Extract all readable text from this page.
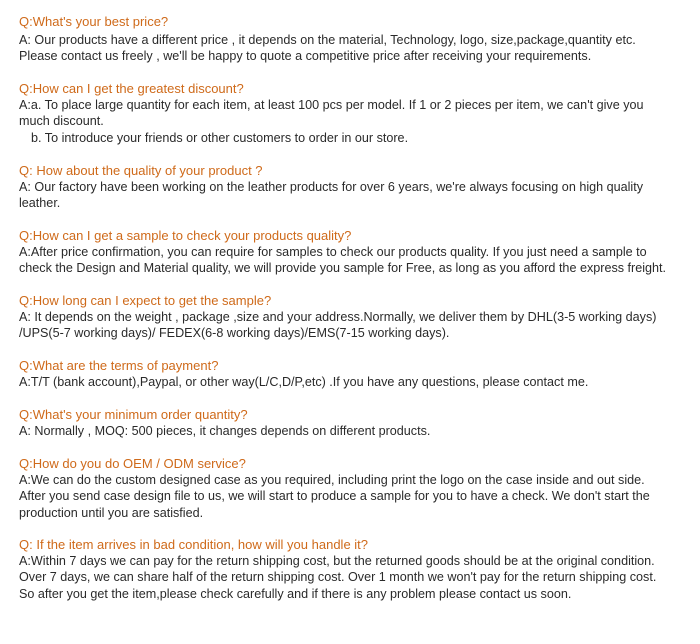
Q:What's your best price?

A: Our products have a different price , it depends on the material, Technology, logo, size,package,quantity etc.
Please contact us freely , we'll be happy to quote a competitive price after receiving your requirements.

Q:How can I get the greatest discount?

A:a. To place large quantity for each item, at least 100 pcs per model. If 1 or 2 pieces per item, we can't give you
much discount.
b. To introduce your friends or other customers to order in our store.

Q: How about the quality of your product ?

A: Our factory have been working on the leather products for over 6 years, we're always focusing on high quality
leather.

Q:How can I get a sample to check your products quality?

A:After price confirmation, you can require for samples to check our products quality. If you just need a sample to
check the Design and Material quality, we will provide you sample for Free, as long as you afford the express freight.

Q:How long can I expect to get the sample?

A: It depends on the weight , package ,size and your address.Normally, we deliver them by DHL(3-5 working days)
/UPS(5-7 working days)/ FEDEX(6-8 working days)/EMS(7-15 working days).

Q:What are the terms of payment?

A:T/T (bank account),Paypal, or other way(L/C,D/P,etc) .If you have any questions, please contact me.

Q:What's your minimum order quantity?

A: Normally , MOQ: 500 pieces, it changes depends on different products.

Q:How do you do OEM / ODM service?

A:We can do the custom designed case as you required, including print the logo on the case inside and out side.
After you send case design file to us, we will start to produce a sample for you to have a check. We don't start the
production until you are satisfied.

Q: If the item arrives in bad condition, how will you handle it?

A:Within 7 days we can pay for the return shipping cost, but the returned goods should be at the original condition.
Over 7 days, we can share half of the return shipping cost. Over 1 month we won't pay for the return shipping cost.
So after you get the item,please check carefully and if there is any problem please contact us soon.
